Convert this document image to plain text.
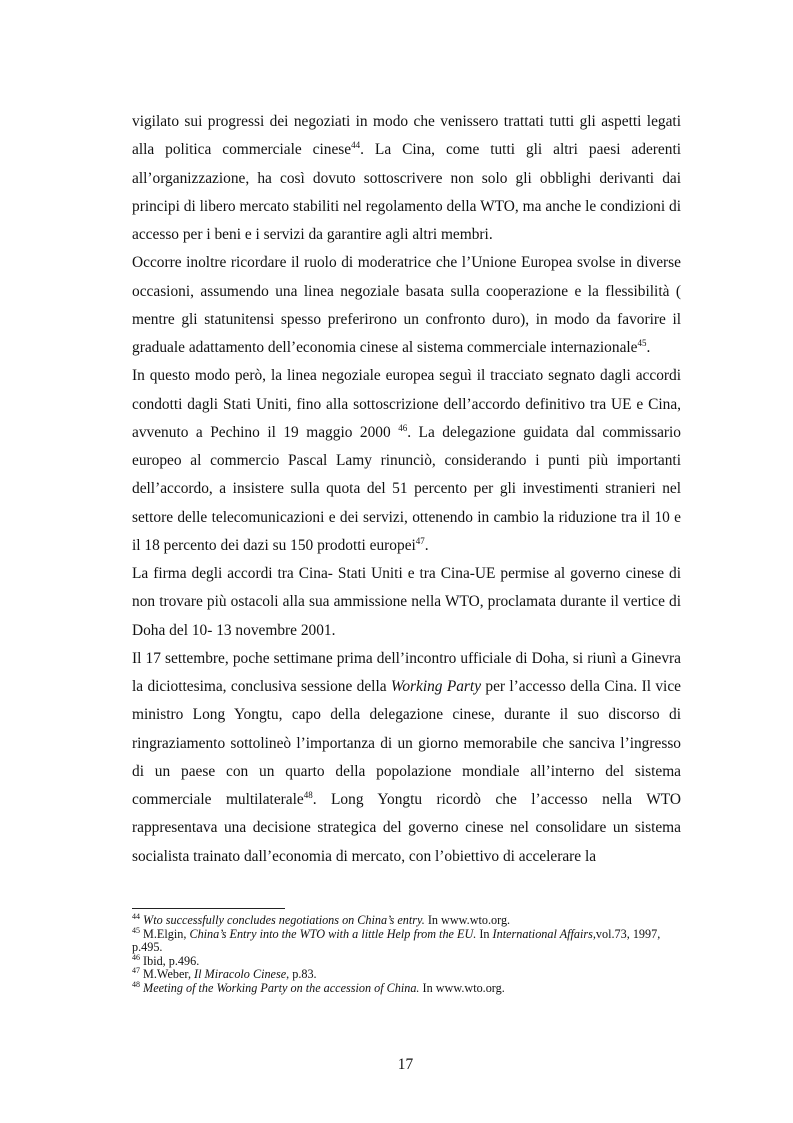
vigilato sui progressi dei negoziati in modo che venissero trattati tutti gli aspetti legati alla politica commerciale cinese$^{44}$. La Cina, come tutti gli altri paesi aderenti all’organizzazione, ha così dovuto sottoscrivere non solo gli obblighi derivanti dai principi di libero mercato stabiliti nel regolamento della WTO, ma anche le condizioni di accesso per i beni e i servizi da garantire agli altri membri.

Occorre inoltre ricordare il ruolo di moderatrice che l’Unione Europea svolse in diverse occasioni, assumendo una linea negoziale basata sulla cooperazione e la flessibilità ( mentre gli statunitensi spesso preferirono un confronto duro), in modo da favorire il graduale adattamento dell’economia cinese al sistema commerciale internazionale$^{45}$.

In questo modo però, la linea negoziale europea seguì il tracciato segnato dagli accordi condotti dagli Stati Uniti, fino alla sottoscrizione dell’accordo definitivo tra UE e Cina, avvenuto a Pechino il 19 maggio 2000 $^{46}$. La delegazione guidata dal commissario europeo al commercio Pascal Lamy rinunciò, considerando i punti più importanti dell’accordo, a insistere sulla quota del 51 percento per gli investimenti stranieri nel settore delle telecomunicazioni e dei servizi, ottenendo in cambio la riduzione tra il 10 e il 18 percento dei dazi su 150 prodotti europei$^{47}$.

La firma degli accordi tra Cina- Stati Uniti e tra Cina-UE permise al governo cinese di non trovare più ostacoli alla sua ammissione nella WTO, proclamata durante il vertice di Doha del 10- 13 novembre 2001.

Il 17 settembre, poche settimane prima dell’incontro ufficiale di Doha, si riunì a Ginevra la diciottesima, conclusiva sessione della Working Party per l’accesso della Cina. Il vice ministro Long Yongtu, capo della delegazione cinese, durante il suo discorso di ringraziamento sottolineò l’importanza di un giorno memorabile che sanciva l’ingresso di un paese con un quarto della popolazione mondiale all’interno del sistema commerciale multilaterale$^{48}$. Long Yongtu ricordò che l’accesso nella WTO rappresentava una decisione strategica del governo cinese nel consolidare un sistema socialista trainato dall’economia di mercato, con l’obiettivo di accelerare la

$^{44}$ Wto successfully concludes negotiations on China’s entry. In www.wto.org.

$^{45}$ M.Elgin, China’s Entry into the WTO with a little Help from the EU. In International Affairs,vol.73, 1997, p.495.

$^{46}$ Ibid, p.496.

$^{47}$ M.Weber, Il Miracolo Cinese, p.83.

$^{48}$ Meeting of the Working Party on the accession of China. In www.wto.org.

17
